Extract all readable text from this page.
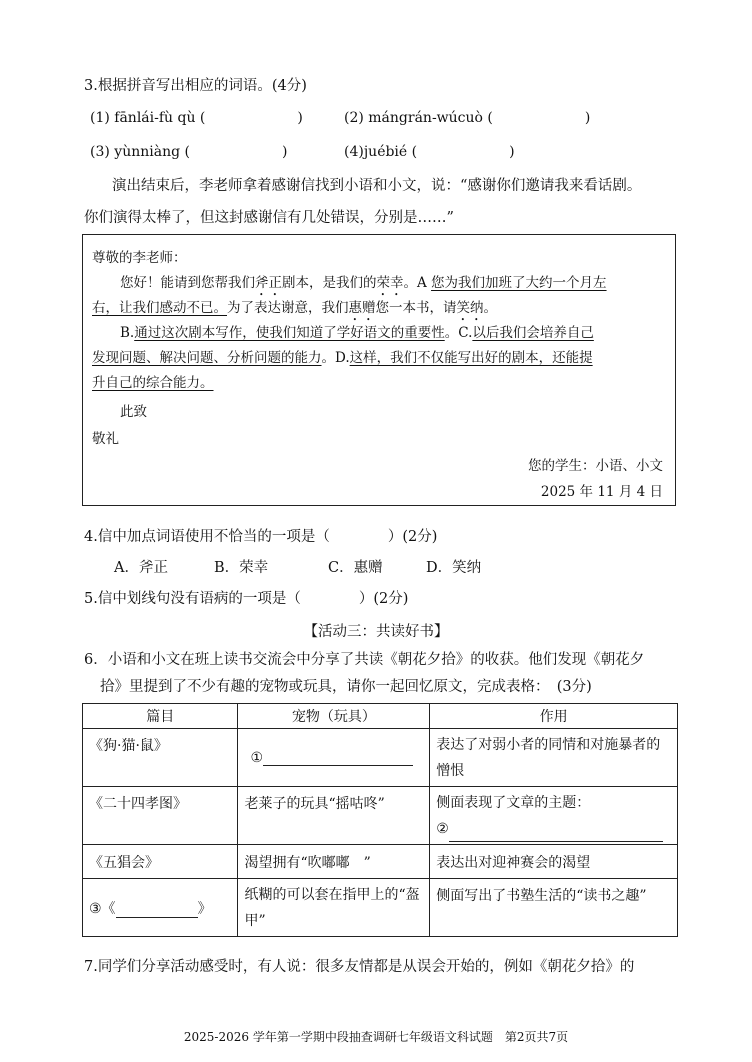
3.根据拼音写出相应的词语。(4分)
(1) fānlái-fù qù (	)	(2) mángrán-wúcuò (	)
(3) yùnniàng (	)	(4)juébié (	)
演出结束后，李老师拿着感谢信找到小语和小文，说：“感谢你们邀请我来看话剧。
你们演得太棒了，但这封感谢信有几处错误，分别是……”
尊敬的李老师：
您好！能请到您帮我们斧正剧本，是我们的荣幸。A 您为我们加班了大约一个月左
右，让我们感动不已。为了表达谢意，我们惠赠您一本书，请笑纳。
B.通过这次剧本写作，使我们知道了学好语文的重要性。C.以后我们会培养自己
发现问题、解决问题、分析问题的能力。D.这样，我们不仅能写出好的剧本，还能提
升自己的综合能力。
此致
敬礼
您的学生：小语、小文
2025 年 11 月 4 日
4.信中加点词语使用不恰当的一项是（　　　　）(2分)
A．斧正	B．荣幸	C．惠赠	D．笑纳
5.信中划线句没有语病的一项是（　　　　）(2分)
【活动三：共读好书】
6．小语和小文在班上读书交流会中分享了共读《朝花夕拾》的收获。他们发现《朝花夕
拾》里提到了不少有趣的宠物或玩具，请你一起回忆原文，完成表格：　(3分)
篇目	宠物（玩具）	作用
《狗·猫·鼠》	①	表达了对弱小者的同情和对施暴者的憎恨
《二十四孝图》	老莱子的玩具“摇咕咚”	侧面表现了文章的主题：
②

《五猖会》	渴望拥有“吹嘟嘟　”	表达出对迎神赛会的渴望
③《 》	纸糊的可以套在指甲上的“盔甲”	侧面写出了书塾生活的“读书之趣”
7.同学们分享活动感受时，有人说：很多友情都是从误会开始的，例如《朝花夕拾》的
2025-2026 学年第一学期中段抽查调研七年级语文科试题　第2页共7页
